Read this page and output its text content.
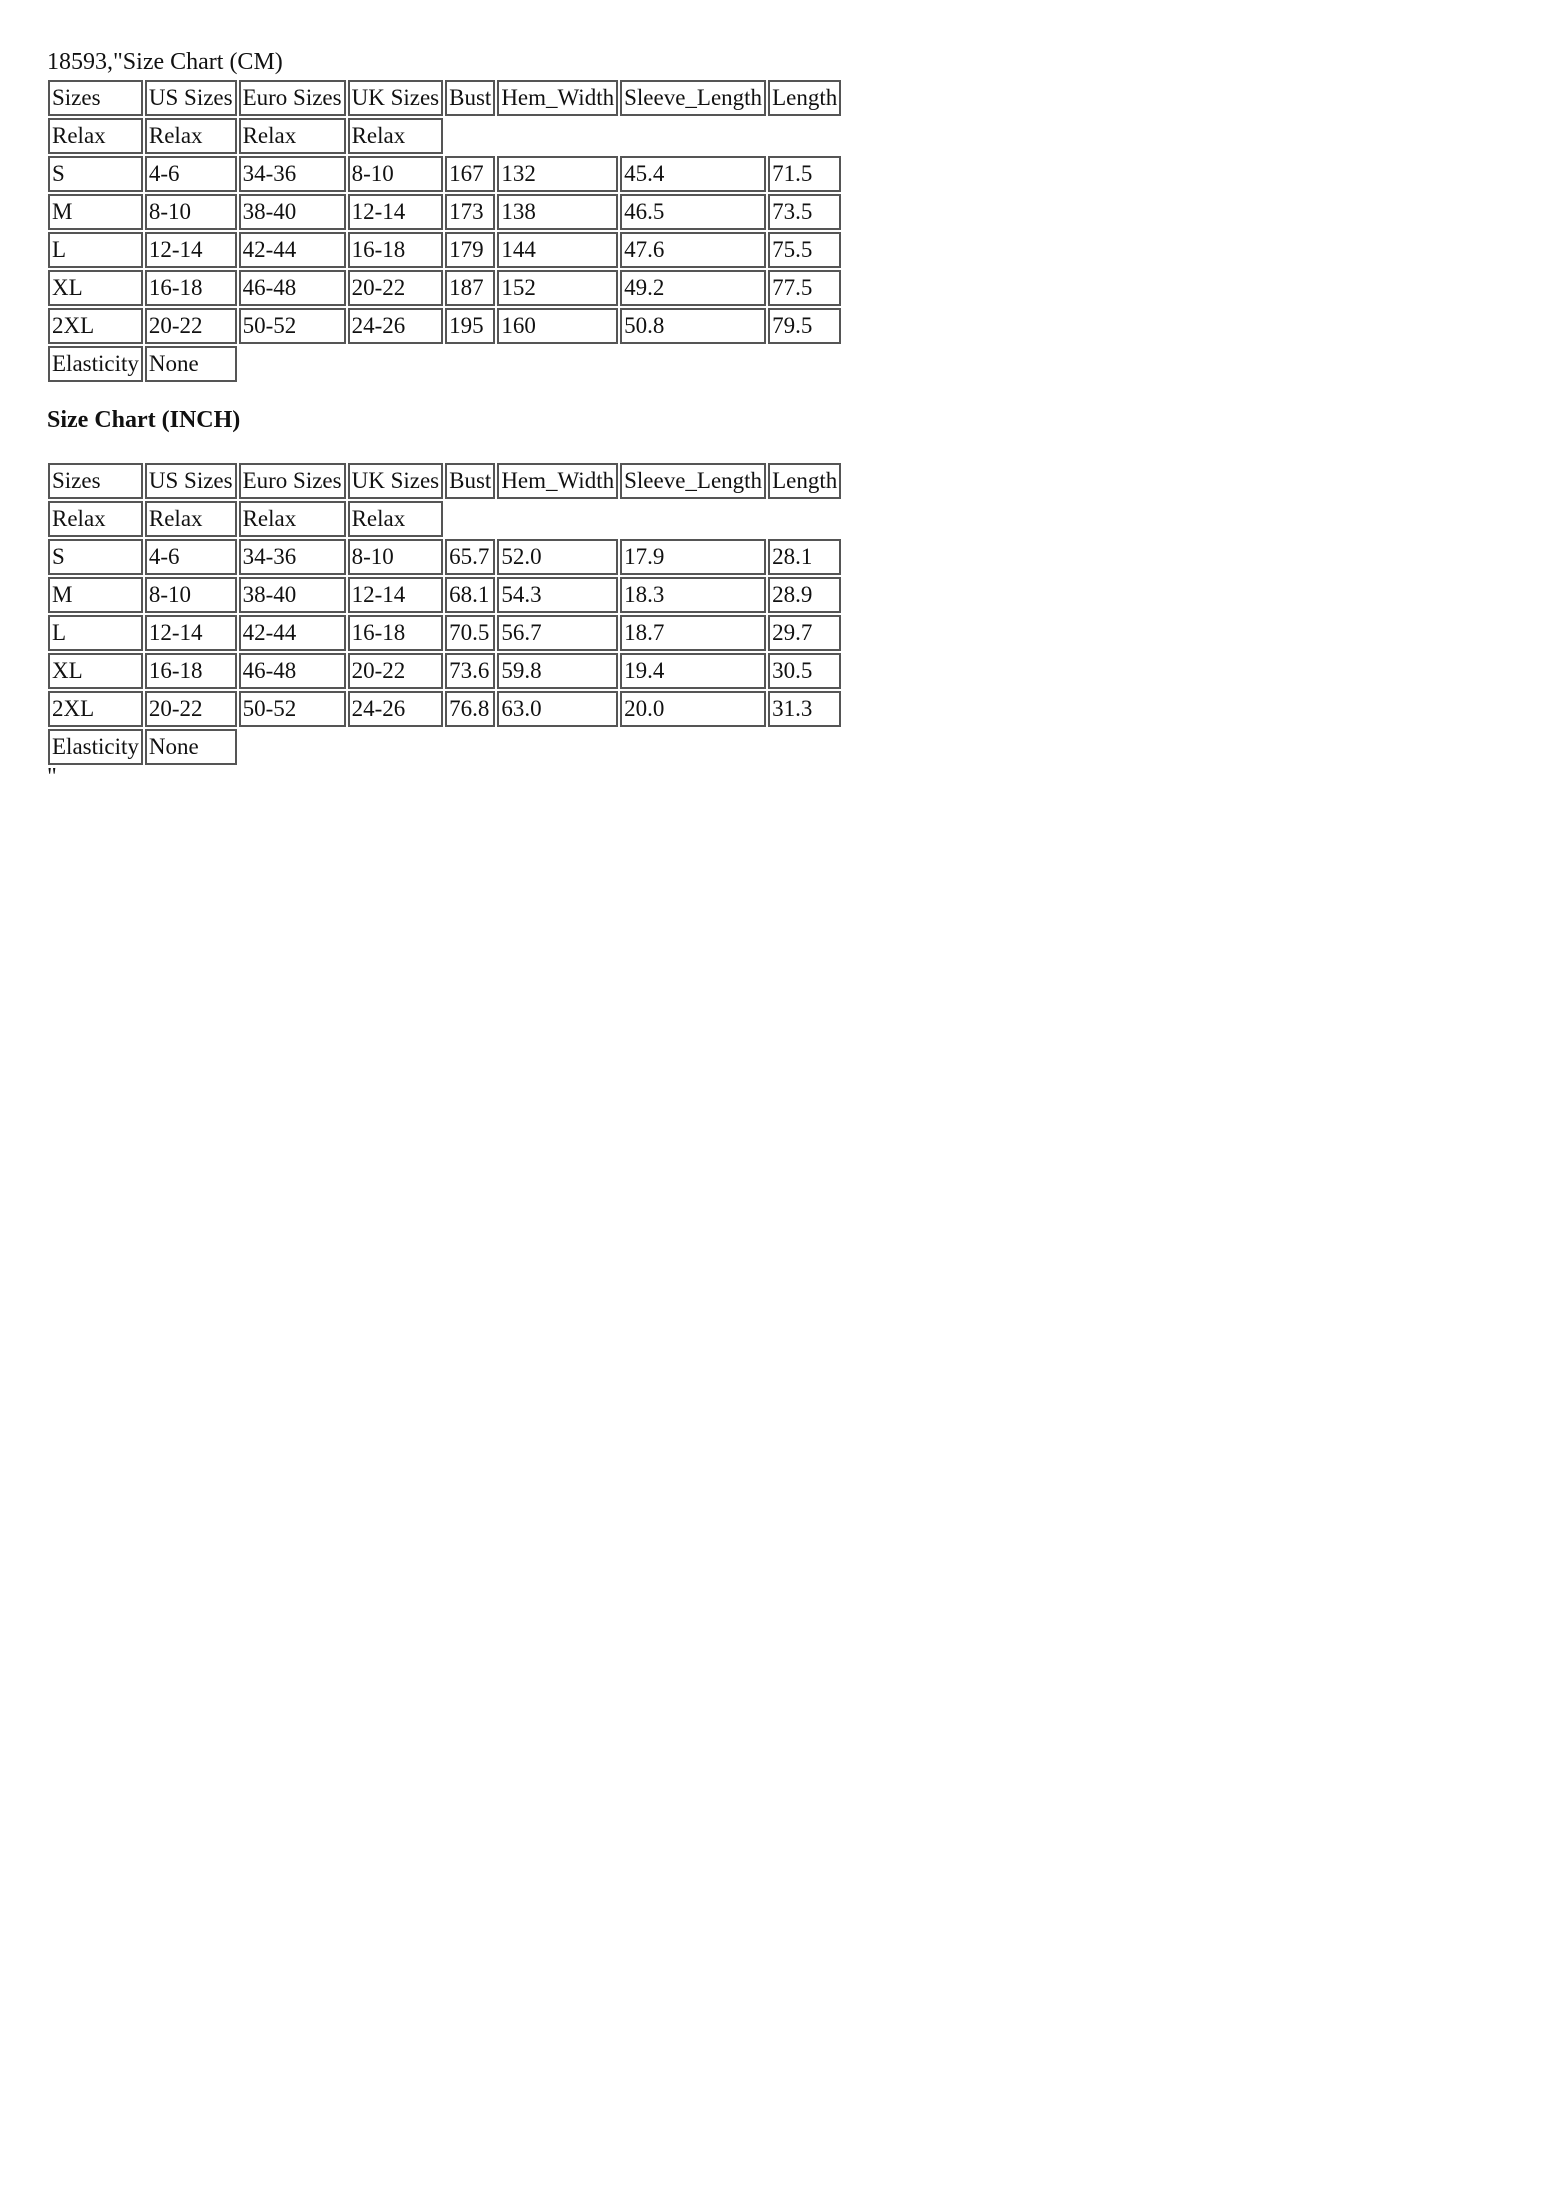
18593,"Size Chart (CM)
Sizes	US Sizes	Euro Sizes	UK Sizes	Bust	Hem_Width	Sleeve_Length	Length
Relax	Relax	Relax	Relax				
S	4-6	34-36	8-10	167	132	45.4	71.5
M	8-10	38-40	12-14	173	138	46.5	73.5
L	12-14	42-44	16-18	179	144	47.6	75.5
XL	16-18	46-48	20-22	187	152	49.2	77.5
2XL	20-22	50-52	24-26	195	160	50.8	79.5
Elasticity	None						
Size Chart (INCH)
Sizes	US Sizes	Euro Sizes	UK Sizes	Bust	Hem_Width	Sleeve_Length	Length
Relax	Relax	Relax	Relax				
S	4-6	34-36	8-10	65.7	52.0	17.9	28.1
M	8-10	38-40	12-14	68.1	54.3	18.3	28.9
L	12-14	42-44	16-18	70.5	56.7	18.7	29.7
XL	16-18	46-48	20-22	73.6	59.8	19.4	30.5
2XL	20-22	50-52	24-26	76.8	63.0	20.0	31.3
Elasticity	None						
"
